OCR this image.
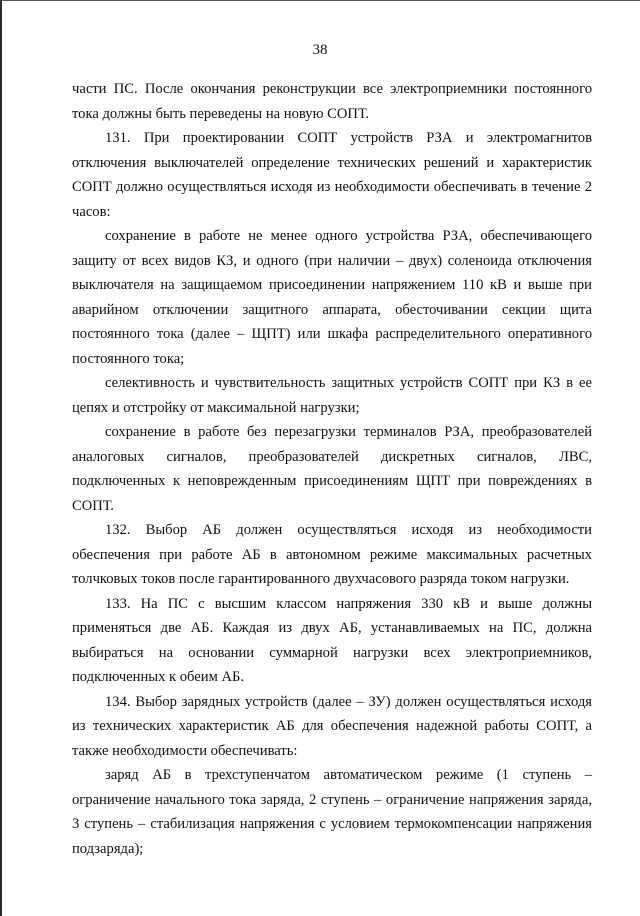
38

части ПС. После окончания реконструкции все электроприемники постоянного тока должны быть переведены на новую СОПТ.

131. При проектировании СОПТ устройств РЗА и электромагнитов отключения выключателей определение технических решений и характеристик СОПТ должно осуществляться исходя из необходимости обеспечивать в течение 2 часов:

сохранение в работе не менее одного устройства РЗА, обеспечивающего защиту от всех видов КЗ, и одного (при наличии – двух) соленоида отключения выключателя на защищаемом присоединении напряжением 110 кВ и выше при аварийном отключении защитного аппарата, обесточивании секции щита постоянного тока (далее – ЩПТ) или шкафа распределительного оперативного постоянного тока;

селективность и чувствительность защитных устройств СОПТ при КЗ в ее цепях и отстройку от максимальной нагрузки;

сохранение в работе без перезагрузки терминалов РЗА, преобразователей аналоговых сигналов, преобразователей дискретных сигналов, ЛВС, подключенных к неповрежденным присоединениям ЩПТ при повреждениях в СОПТ.

132. Выбор АБ должен осуществляться исходя из необходимости обеспечения при работе АБ в автономном режиме максимальных расчетных толчковых токов после гарантированного двухчасового разряда током нагрузки.

133. На ПС с высшим классом напряжения 330 кВ и выше должны применяться две АБ. Каждая из двух АБ, устанавливаемых на ПС, должна выбираться на основании суммарной нагрузки всех электроприемников, подключенных к обеим АБ.

134. Выбор зарядных устройств (далее – ЗУ) должен осуществляться исходя из технических характеристик АБ для обеспечения надежной работы СОПТ, а также необходимости обеспечивать:

заряд АБ в трехступенчатом автоматическом режиме (1 ступень – ограничение начального тока заряда, 2 ступень – ограничение напряжения заряда, 3 ступень – стабилизация напряжения с условием термокомпенсации напряжения подзаряда);
